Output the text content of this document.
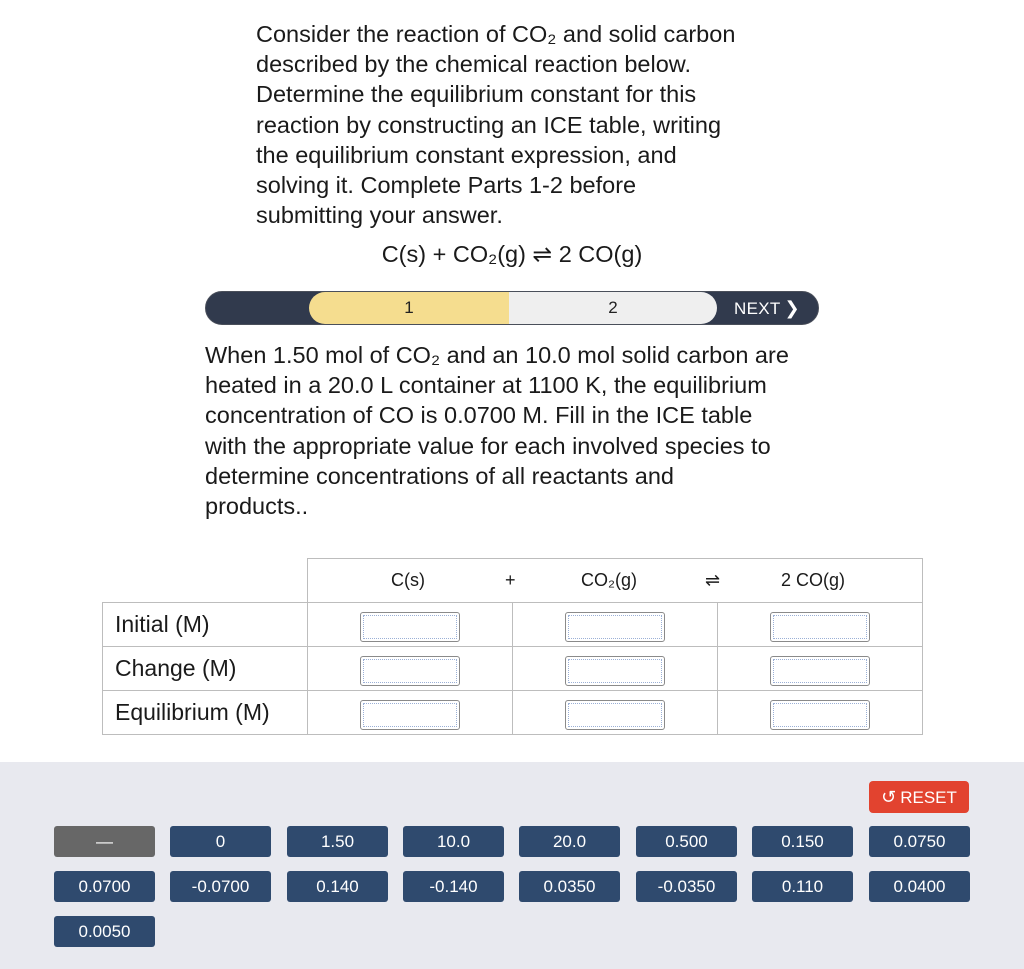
Consider the reaction of CO₂ and solid carbon
described by the chemical reaction below.
Determine the equilibrium constant for this
reaction by constructing an ICE table, writing
the equilibrium constant expression, and
solving it. Complete Parts 1-2 before
submitting your answer.
C(s) + CO₂(g) ⇌ 2 CO(g)
1	2	NEXT ❯
When 1.50 mol of CO₂ and an 10.0 mol solid carbon are
heated in a 20.0 L container at 1100 K, the equilibrium
concentration of CO is 0.0700 M. Fill in the ICE table
with the appropriate value for each involved species to
determine concentrations of all reactants and
products..

	C(s) + CO₂(g) ⇌ 2 CO(g)		

Initial (M)			
Change (M)			
Equilibrium (M)			
↺ RESET
—	0	1.50	10.0	20.0	0.500	0.150	0.0750
0.0700	-0.0700	0.140	-0.140	0.0350	-0.0350	0.110	0.0400
0.0050
